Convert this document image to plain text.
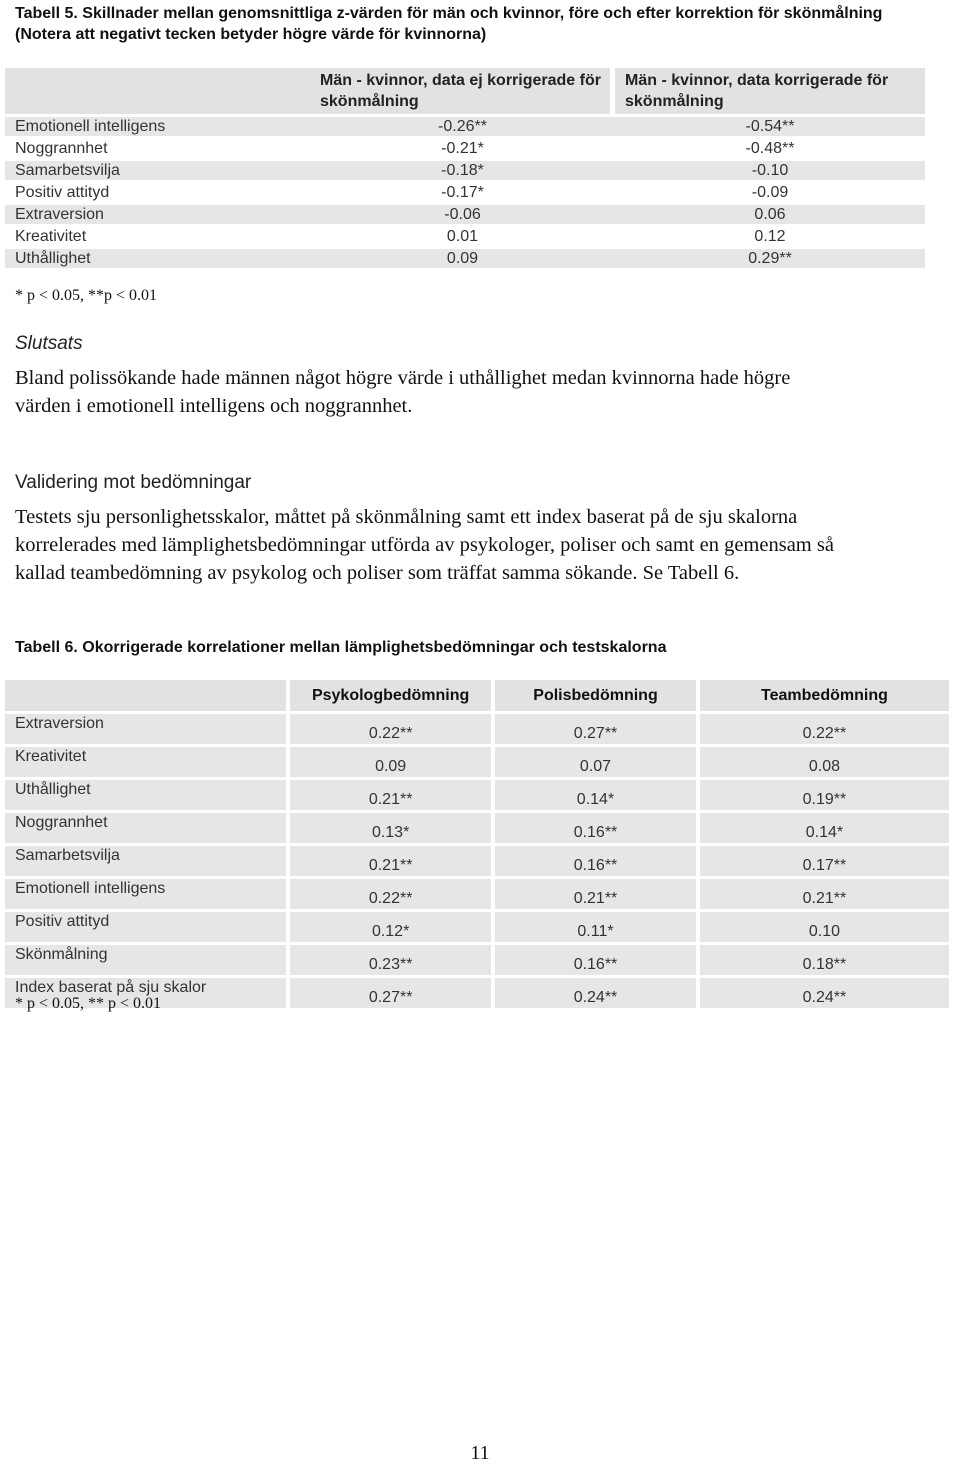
Tabell 5. Skillnader mellan genomsnittliga z-värden för män och kvinnor, före och efter korrektion för skönmålning (Notera att negativt tecken betyder högre värde för kvinnorna)
	Män - kvinnor, data ej korrigerade för skönmålning	Män - kvinnor, data korrigerade för skönmålning
Emotionell intelligens	-0.26**	-0.54**
Noggrannhet	-0.21*	-0.48**
Samarbetsvilja	-0.18*	-0.10
Positiv attityd	-0.17*	-0.09
Extraversion	-0.06	0.06
Kreativitet	0.01	0.12
Uthållighet	0.09	0.29**
* p < 0.05, **p < 0.01
Slutsats
Bland polissökande hade männen något högre värde i uthållighet medan kvinnorna hade högre värden i emotionell intelligens och noggrannhet.
Validering mot bedömningar
Testets sju personlighetsskalor, måttet på skönmålning samt ett index baserat på de sju skalorna korrelerades med lämplighetsbedömningar utförda av psykologer, poliser och samt en gemensam så kallad teambedömning av psykolog och poliser som träffat samma sökande. Se Tabell 6.
Tabell 6. Okorrigerade korrelationer mellan lämplighetsbedömningar och testskalorna
	Psykologbedömning	Polisbedömning	Teambedömning
Extraversion	0.22**	0.27**	0.22**
Kreativitet	0.09	0.07	0.08
Uthållighet	0.21**	0.14*	0.19**
Noggrannhet	0.13*	0.16**	0.14*
Samarbetsvilja	0.21**	0.16**	0.17**
Emotionell intelligens	0.22**	0.21**	0.21**
Positiv attityd	0.12*	0.11*	0.10
Skönmålning	0.23**	0.16**	0.18**
Index baserat på sju skalor	0.27**	0.24**	0.24**
* p < 0.05, ** p < 0.01
11
